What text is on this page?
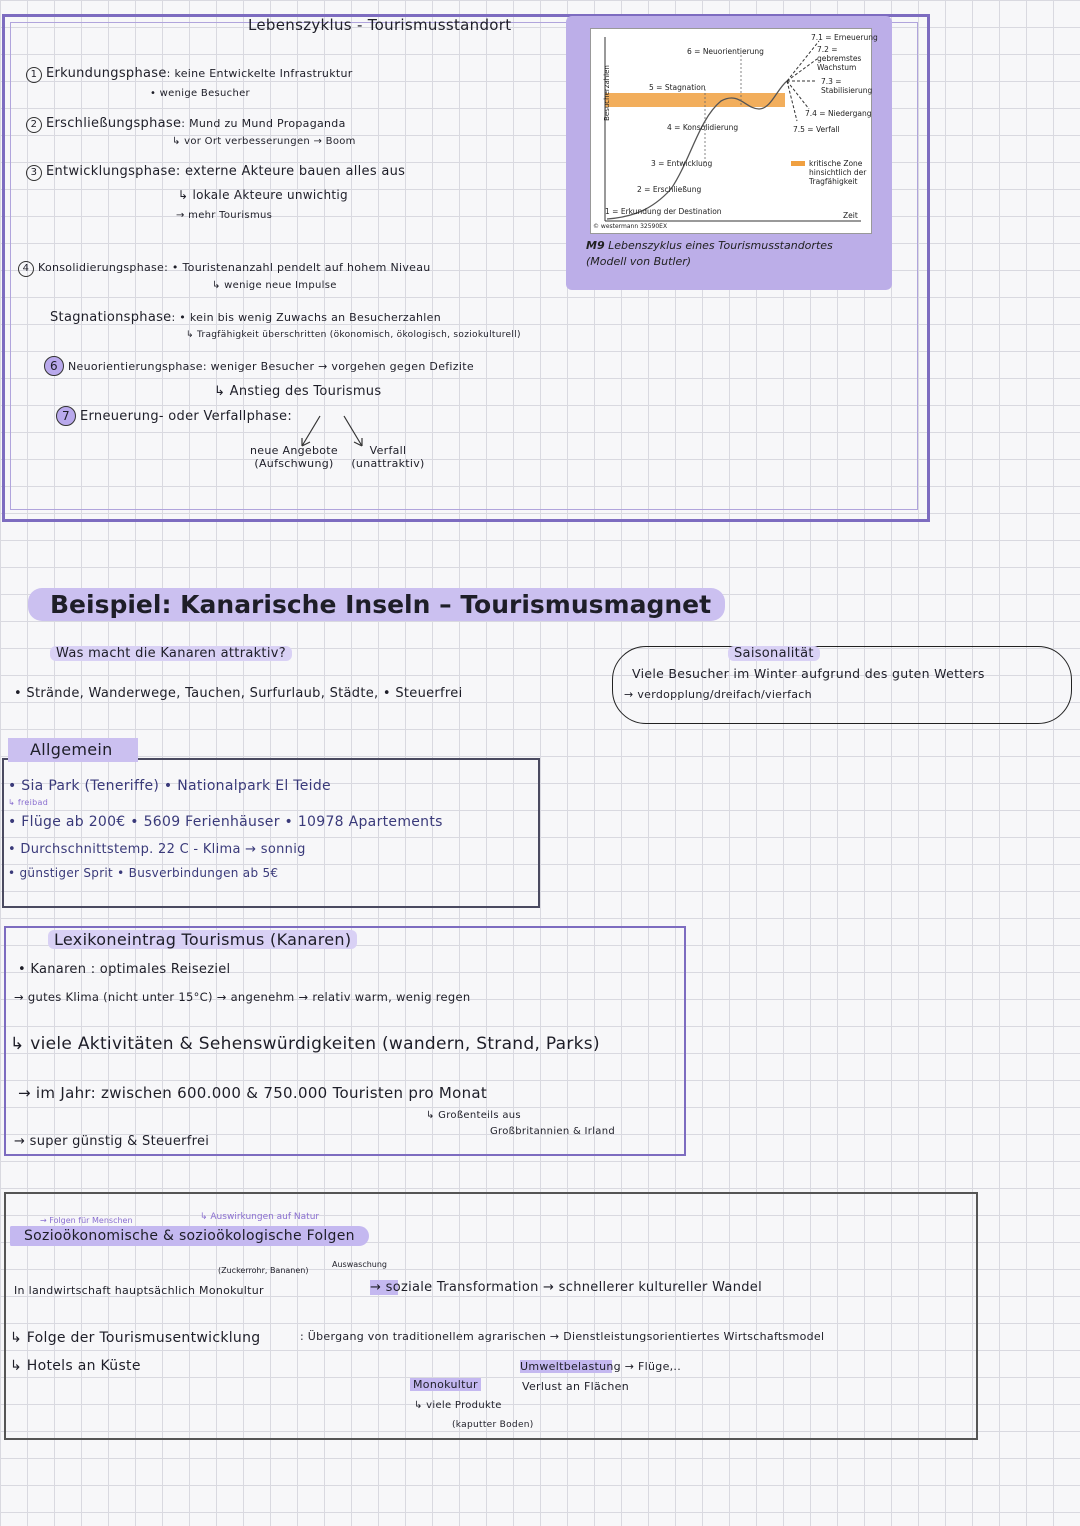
Lebenszyklus - Tourismusstandort
1 Erkundungsphase: keine Entwickelte Infrastruktur
• wenige Besucher
2 Erschließungsphase: Mund zu Mund Propaganda
↳ vor Ort verbesserungen → Boom
3 Entwicklungsphase: externe Akteure bauen alles aus
↳ lokale Akteure unwichtig
→ mehr Tourismus
4 Konsolidierungsphase: • Touristenanzahl pendelt auf hohem Niveau
↳ wenige neue Impulse
Stagnationsphase: • kein bis wenig Zuwachs an Besucherzahlen
↳ Tragfähigkeit überschritten (ökonomisch, ökologisch, soziokulturell)
6 Neuorientierungsphase: weniger Besucher → vorgehen gegen Defizite
↳ Anstieg des Tourismus
7 Erneuerung- oder Verfallphase:
neue Angebote (Aufschwung)
Verfall (unattraktiv)
Besucherzahlen
Zeit
1 = Erkundung der Destination
2 = Erschließung
3 = Entwicklung
4 = Konsolidierung
5 = Stagnation
6 = Neuorientierung
7.1 = Erneuerung
7.2 = gebremstes Wachstum
7.3 = Stabilisierung
7.4 = Niedergang
7.5 = Verfall
kritische Zone hinsichtlich der Tragfähigkeit
© westermann 32590EX
M9 Lebenszyklus eines Tourismusstandortes (Modell von Butler)
Beispiel: Kanarische Inseln – Tourismusmagnet
Was macht die Kanaren attraktiv?
• Strände, Wanderwege, Tauchen, Surfurlaub, Städte, • Steuerfrei
Saisonalität
Viele Besucher im Winter aufgrund des guten Wetters
→ verdopplung/dreifach/vierfach
Allgemein
• Sia Park (Teneriffe) • Nationalpark El Teide
↳ freibad
• Flüge ab 200€ • 5609 Ferienhäuser • 10978 Apartements
• Durchschnittstemp. 22 C - Klima → sonnig
• günstiger Sprit • Busverbindungen ab 5€
Lexikoneintrag Tourismus (Kanaren)
• Kanaren : optimales Reiseziel
→ gutes Klima (nicht unter 15°C) → angenehm → relativ warm, wenig regen
↳ viele Aktivitäten & Sehenswürdigkeiten (wandern, Strand, Parks)
→ im Jahr: zwischen 600.000 & 750.000 Touristen pro Monat
↳ Großenteils aus
Großbritannien & Irland
→ super günstig & Steuerfrei
→ Folgen für Menschen	↳ Auswirkungen auf Natur
Sozioökonomische & sozioökologische Folgen
(Zuckerrohr, Bananen)
Auswaschung
In landwirtschaft hauptsächlich Monokultur	→ soziale Transformation → schnellerer kultureller Wandel
↳ Folge der Tourismusentwicklung	: Übergang von traditionellem agrarischen → Dienstleistungsorientiertes Wirtschaftsmodel
↳ Hotels an Küste
Monokultur
↳ viele Produkte
(kaputter Boden)
Umweltbelastung → Flüge,..
Verlust an Flächen
